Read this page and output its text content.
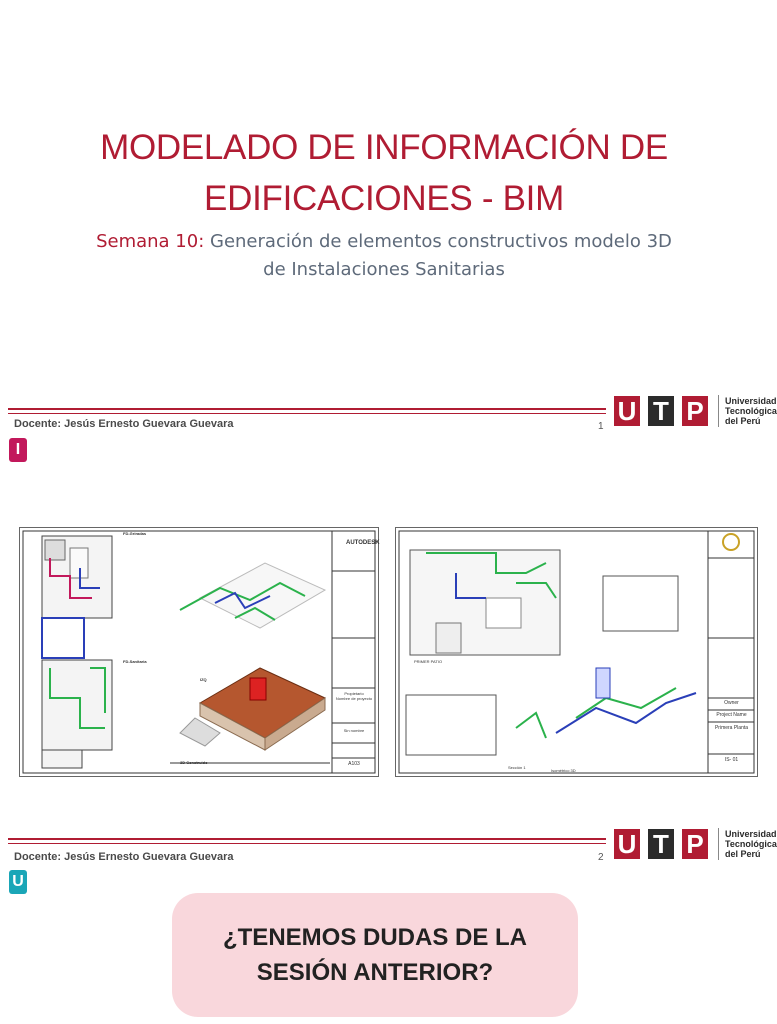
MODELADO DE INFORMACIÓN DE
EDIFICACIONES - BIM
Semana 10: Generación de elementos constructivos modelo 3D
de Instalaciones Sanitarias
Docente: Jesús Ernesto Guevara Guevara	1
U T P	Universidad
Tecnológica
del Perú
I
AUTODESK
FD-Griradas
FD-Sanitaria
3D Construido
IZQ
Propietario
Nombre de proyecto
Sin nombre
A103
Owner
Project Name
Primera Planta
IS- 01
PRIMER PATIO
Sección 1
Isométrico 3D
Docente: Jesús Ernesto Guevara Guevara	2 U T P	Universidad
Tecnológica
del Perú
U
¿TENEMOS DUDAS DE LA
SESIÓN ANTERIOR?
